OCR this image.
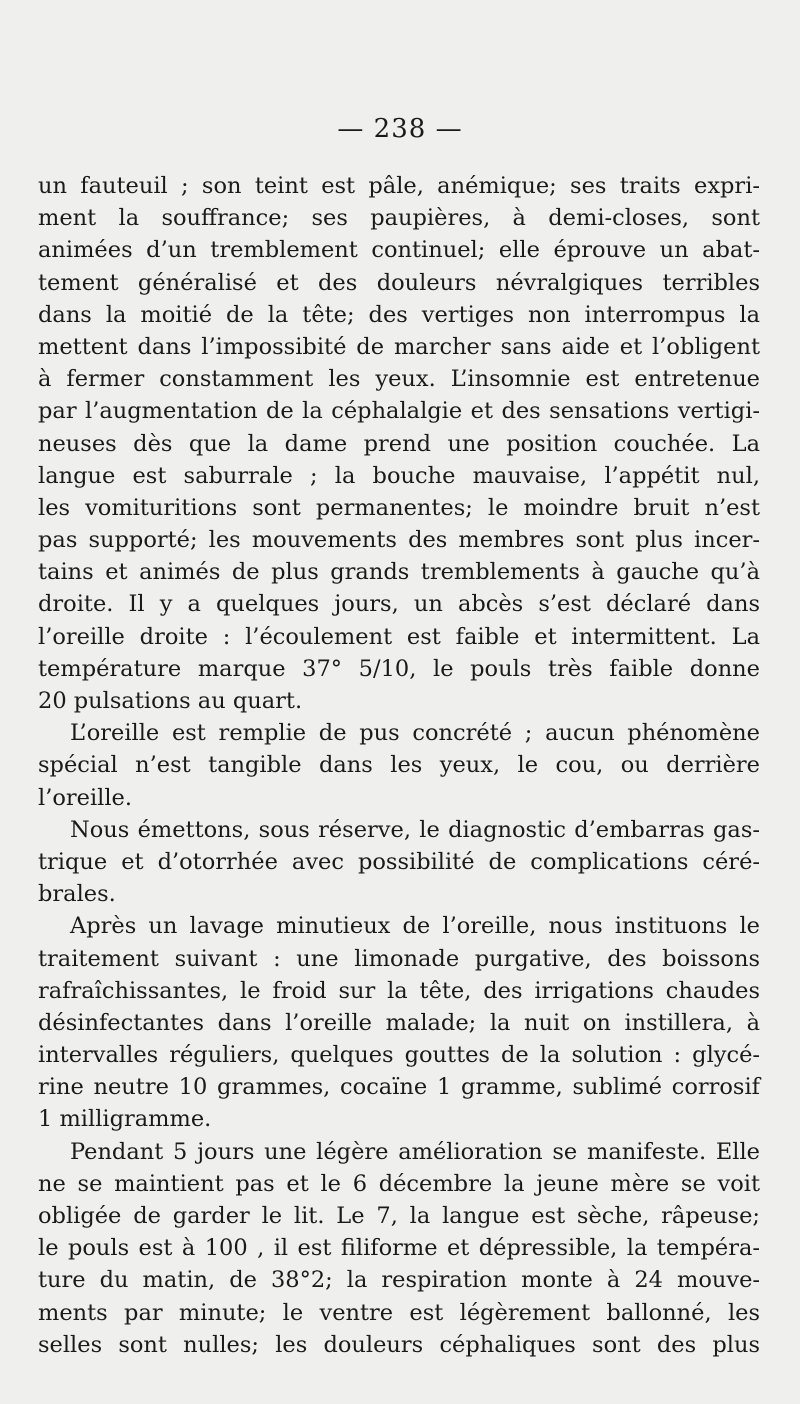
— 238 —
un fauteuil ; son teint est pâle, anémique; ses traits expri-
ment la souffrance; ses paupières, à demi-closes, sont
animées d’un tremblement continuel; elle éprouve un abat-
tement généralisé et des douleurs névralgiques terribles
dans la moitié de la tête; des vertiges non interrompus la
mettent dans l’impossibité de marcher sans aide et l’obligent
à fermer constamment les yeux. L’insomnie est entretenue
par l’augmentation de la céphalalgie et des sensations vertigi-
neuses dès que la dame prend une position couchée. La
langue est saburrale ; la bouche mauvaise, l’appétit nul,
les vomituritions sont permanentes; le moindre bruit n’est
pas supporté; les mouvements des membres sont plus incer-
tains et animés de plus grands tremblements à gauche qu’à
droite. Il y a quelques jours, un abcès s’est déclaré dans
l’oreille droite : l’écoulement est faible et intermittent. La
température marque 37° 5/10, le pouls très faible donne
20 pulsations au quart.
L’oreille est remplie de pus concrété ; aucun phénomène
spécial n’est tangible dans les yeux, le cou, ou derrière
l’oreille.
Nous émettons, sous réserve, le diagnostic d’embarras gas-
trique et d’otorrhée avec possibilité de complications céré-
brales.
Après un lavage minutieux de l’oreille, nous instituons le
traitement suivant : une limonade purgative, des boissons
rafraîchissantes, le froid sur la tête, des irrigations chaudes
désinfectantes dans l’oreille malade; la nuit on instillera, à
intervalles réguliers, quelques gouttes de la solution : glycé-
rine neutre 10 grammes, cocaïne 1 gramme, sublimé corrosif
1 milligramme.
Pendant 5 jours une légère amélioration se manifeste. Elle
ne se maintient pas et le 6 décembre la jeune mère se voit
obligée de garder le lit. Le 7, la langue est sèche, râpeuse;
le pouls est à 100 , il est filiforme et dépressible, la tempéra-
ture du matin, de 38°2; la respiration monte à 24 mouve-
ments par minute; le ventre est légèrement ballonné, les
selles sont nulles; les douleurs céphaliques sont des plus
